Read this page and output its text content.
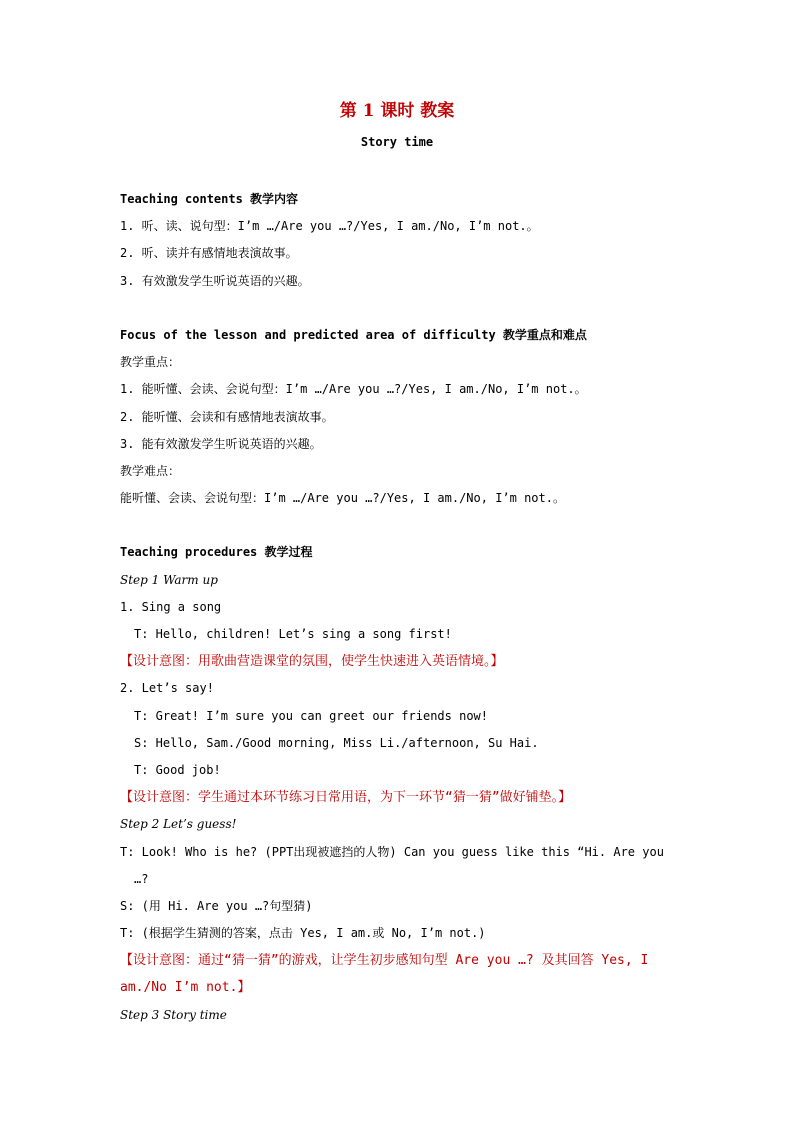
第 1 课时 教案

Story time

Teaching contents 教学内容

1. 听、读、说句型：I’m …/Are you …?/Yes, I am./No, I’m not.。

2. 听、读并有感情地表演故事。

3. 有效激发学生听说英语的兴趣。

Focus of the lesson and predicted area of difficulty 教学重点和难点

教学重点：

1. 能听懂、会读、会说句型：I’m …/Are you …?/Yes, I am./No, I’m not.。

2. 能听懂、会读和有感情地表演故事。

3. 能有效激发学生听说英语的兴趣。

教学难点：

能听懂、会读、会说句型：I’m …/Are you …?/Yes, I am./No, I’m not.。

Teaching procedures 教学过程

Step 1 Warm up

1. Sing a song

T: Hello, children! Let’s sing a song first!

【设计意图：用歌曲营造课堂的氛围，使学生快速进入英语情境。】

2. Let’s say!

T: Great! I’m sure you can greet our friends now!

S: Hello, Sam./Good morning, Miss Li./afternoon, Su Hai.

T: Good job!

【设计意图：学生通过本环节练习日常用语，为下一环节“猜一猜”做好铺垫。】

Step 2 Let’s guess!

T: Look! Who is he? (PPT出现被遮挡的人物) Can you guess like this “Hi. Are you

…?

S: (用 Hi. Are you …?句型猜)

T: (根据学生猜测的答案，点击 Yes, I am.或 No, I’m not.)

【设计意图：通过“猜一猜”的游戏，让学生初步感知句型 Are you …? 及其回答 Yes, I

am./No I’m not.】

Step 3 Story time
